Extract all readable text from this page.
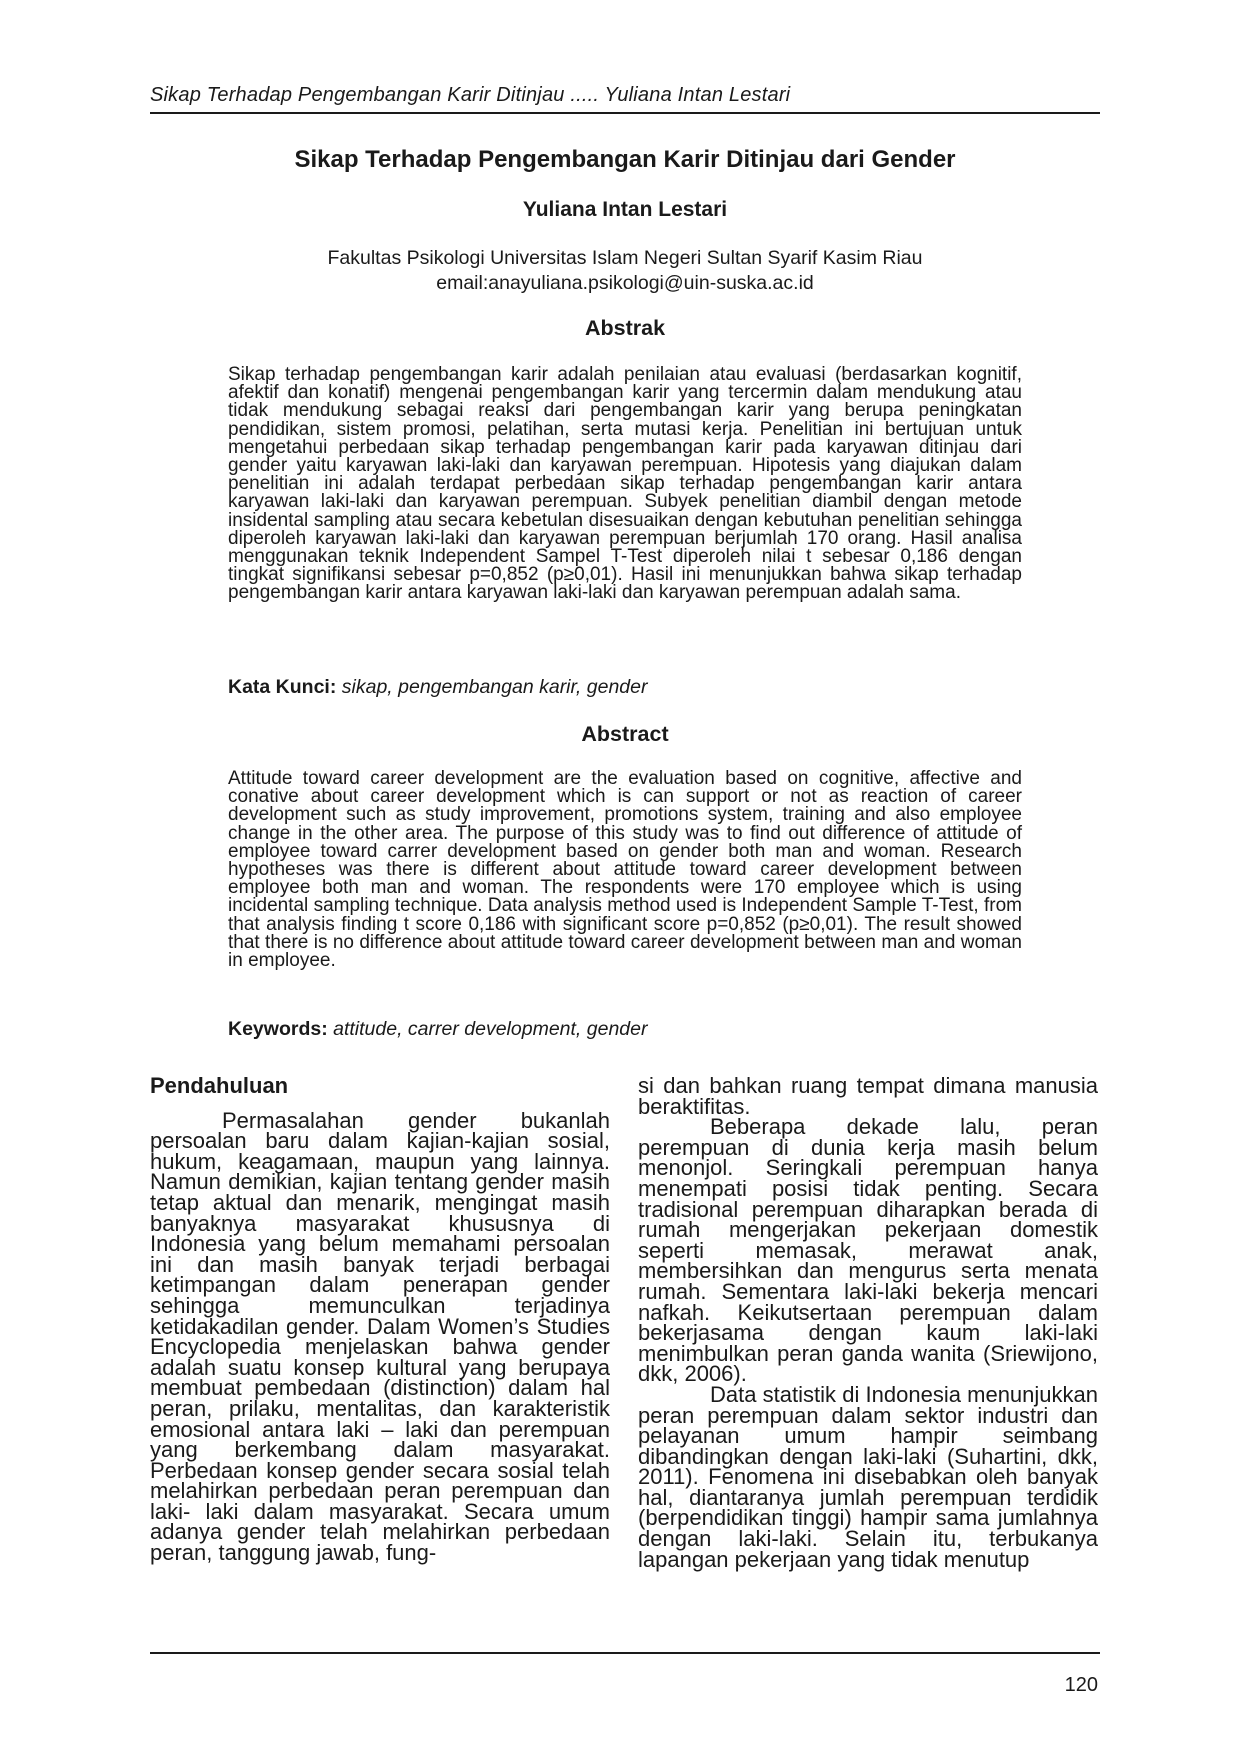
Sikap Terhadap Pengembangan Karir Ditinjau ..... Yuliana Intan Lestari
Sikap Terhadap Pengembangan Karir Ditinjau dari Gender
Yuliana Intan Lestari
Fakultas Psikologi Universitas Islam Negeri Sultan Syarif Kasim Riau
email:anayuliana.psikologi@uin-suska.ac.id
Abstrak
Sikap terhadap pengembangan karir adalah penilaian atau evaluasi (berdasarkan kognitif, afektif dan konatif) mengenai pengembangan karir yang tercermin dalam mendukung atau tidak mendukung sebagai reaksi dari pengembangan karir yang berupa peningkatan pendidikan, sistem promosi, pelatihan, serta mutasi kerja. Penelitian ini bertujuan untuk mengetahui perbedaan sikap terhadap pengembangan karir pada karyawan ditinjau dari gender yaitu karyawan laki-laki dan karyawan perempuan. Hipotesis yang diajukan dalam penelitian ini adalah terdapat perbedaan sikap terhadap pengembangan karir antara karyawan laki-laki dan karyawan perempuan. Subyek penelitian diambil dengan metode insidental sampling atau secara kebetulan disesuaikan dengan kebutuhan penelitian sehingga diperoleh karyawan laki-laki dan karyawan perempuan berjumlah 170 orang. Hasil analisa menggunakan teknik Independent Sampel T-Test diperoleh nilai t sebesar 0,186 dengan tingkat signifikansi sebesar p=0,852 (p≥0,01). Hasil ini menunjukkan bahwa sikap terhadap pengembangan karir antara karyawan laki-laki dan karyawan perempuan adalah sama.
Kata Kunci: sikap, pengembangan karir, gender
Abstract
Attitude toward career development are the evaluation based on cognitive, affective and conative about career development which is can support or not as reaction of career development such as study improvement, promotions system, training and also employee change in the other area. The purpose of this study was to find out difference of attitude of employee toward carrer development based on gender both man and woman. Research hypotheses was there is different about attitude toward career development between employee both man and woman. The respondents were 170 employee which is using incidental sampling technique. Data analysis method used is Independent Sample T-Test, from that analysis finding t score 0,186 with significant score p=0,852 (p≥0,01). The result showed that there is no difference about attitude toward career development between man and woman in employee.
Keywords: attitude, carrer development, gender

Pendahuluan

Permasalahan gender bukanlah persoalan baru dalam kajian-kajian sosial, hukum, keagamaan, maupun yang lainnya. Namun demikian, kajian tentang gender masih tetap aktual dan menarik, mengingat masih banyaknya masyarakat khususnya di Indonesia yang belum memahami persoalan ini dan masih banyak terjadi berbagai ketimpangan dalam penerapan gender sehingga memunculkan terjadinya ketidakadilan gender. Dalam Women’s Studies Encyclopedia menjelaskan bahwa gender adalah suatu konsep kultural yang berupaya membuat pembedaan (distinction) dalam hal peran, prilaku, mentalitas, dan karakteristik emosional antara laki – laki dan perempuan yang berkembang dalam masyarakat. Perbedaan konsep gender secara sosial telah melahirkan perbedaan peran perempuan dan laki- laki dalam masyarakat. Secara umum adanya gender telah melahirkan perbedaan peran, tanggung jawab, fung-

si dan bahkan ruang tempat dimana manusia beraktifitas.

Beberapa dekade lalu, peran perempuan di dunia kerja masih belum menonjol. Seringkali perempuan hanya menempati posisi tidak penting. Secara tradisional perempuan diharapkan berada di rumah mengerjakan pekerjaan domestik seperti memasak, merawat anak, membersihkan dan mengurus serta menata rumah. Sementara laki-laki bekerja mencari nafkah. Keikutsertaan perempuan dalam bekerjasama dengan kaum laki-laki menimbulkan peran ganda wanita (Sriewijono, dkk, 2006).

Data statistik di Indonesia menunjukkan peran perempuan dalam sektor industri dan pelayanan umum hampir seimbang dibandingkan dengan laki-laki (Suhartini, dkk, 2011). Fenomena ini disebabkan oleh banyak hal, diantaranya jumlah perempuan terdidik (berpendidikan tinggi) hampir sama jumlahnya dengan laki-laki. Selain itu, terbukanya lapangan pekerjaan yang tidak menutup

120
